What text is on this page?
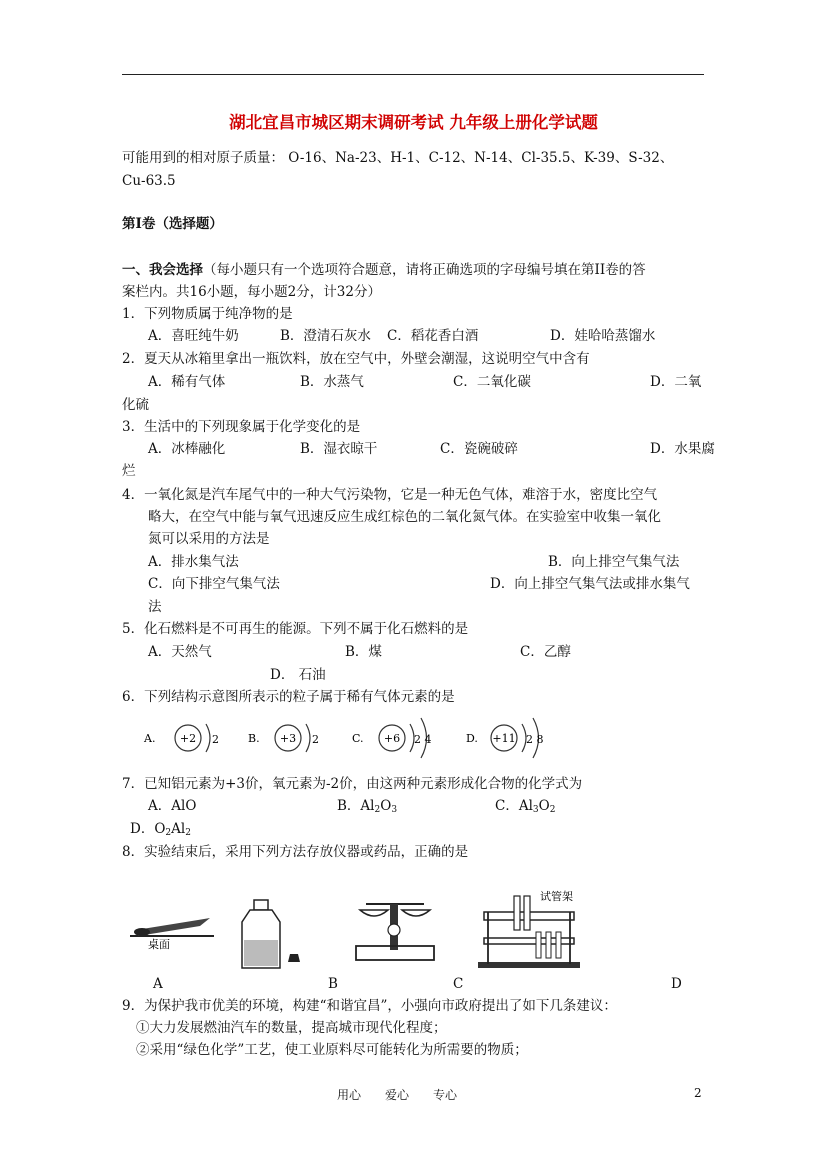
湖北宜昌市城区期末调研考试 九年级上册化学试题
可能用到的相对原子质量： O-16、Na-23、H-1、C-12、N-14、Cl-35.5、K-39、S-32、
Cu-63.5
第Ⅰ卷（选择题）
一、我会选择（每小题只有一个选项符合题意，请将正确选项的字母编号填在第II卷的答
案栏内。共16小题，每小题2分，计32分）
1．下列物质属于纯净物的是
A．喜旺纯牛奶	B．澄清石灰水 C．稻花香白酒	D．娃哈哈蒸馏水
2．夏天从冰箱里拿出一瓶饮料，放在空气中，外壁会潮湿，这说明空气中含有
A．稀有气体	B．水蒸气	C．二氧化碳	D．二氧
化硫
3．生活中的下列现象属于化学变化的是
A．冰棒融化	B．湿衣晾干	C．瓷碗破碎	D．水果腐
烂
4．一氧化氮是汽车尾气中的一种大气污染物，它是一种无色气体，难溶于水，密度比空气
略大，在空气中能与氧气迅速反应生成红棕色的二氧化氮气体。在实验室中收集一氧化
氮可以采用的方法是
A．排水集气法	B．向上排空气集气法
C．向下排空气集气法	D．向上排空气集气法或排水集气
法
5．化石燃料是不可再生的能源。下列不属于化石燃料的是
A．天然气	B．煤	C．乙醇
D． 石油
6．下列结构示意图所表示的粒子属于稀有气体元素的是
A. +2 2	B. +3 2	C. +6 2 4	D. +11 2 8
7．已知铝元素为+3价，氧元素为-2价，由这两种元素形成化合物的化学式为
A．AlO	B．$Al_2O_3$	C．$Al_3O_2$
D．$O_2Al_2$
8．实验结束后，采用下列方法存放仪器或药品，正确的是
桌面
试管架
A	B	C	D
9．为保护我市优美的环境，构建“和谐宜昌”，小强向市政府提出了如下几条建议：
①大力发展燃油汽车的数量，提高城市现代化程度；
②采用“绿色化学”工艺，使工业原料尽可能转化为所需要的物质；
用心　　爱心　　专心	2
